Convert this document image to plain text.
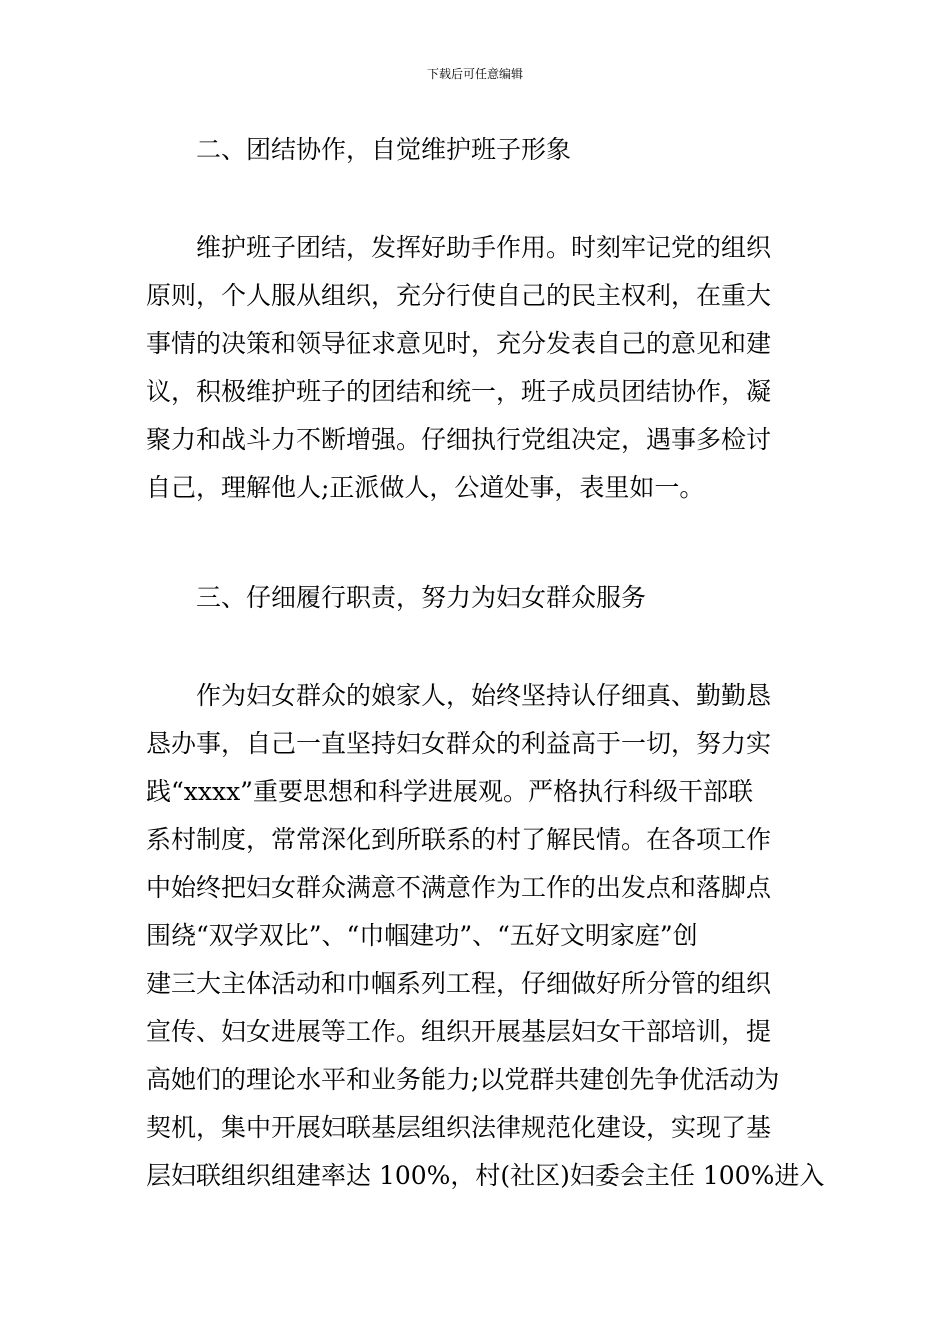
下载后可任意编辑
二、团结协作，自觉维护班子形象
维护班子团结，发挥好助手作用。时刻牢记党的组织
原则，个人服从组织，充分行使自己的民主权利，在重大
事情的决策和领导征求意见时，充分发表自己的意见和建
议，积极维护班子的团结和统一，班子成员团结协作，凝
聚力和战斗力不断增强。仔细执行党组决定，遇事多检讨
自己，理解他人;正派做人，公道处事，表里如一。
三、仔细履行职责，努力为妇女群众服务
作为妇女群众的娘家人，始终坚持认仔细真、勤勤恳
恳办事，自己一直坚持妇女群众的利益高于一切，努力实
践“xxxx”重要思想和科学进展观。严格执行科级干部联
系村制度，常常深化到所联系的村了解民情。在各项工作
中始终把妇女群众满意不满意作为工作的出发点和落脚点
围绕“双学双比”、“巾帼建功”、“五好文明家庭”创
建三大主体活动和巾帼系列工程，仔细做好所分管的组织
宣传、妇女进展等工作。组织开展基层妇女干部培训，提
高她们的理论水平和业务能力;以党群共建创先争优活动为
契机，集中开展妇联基层组织法律规范化建设，实现了基
层妇联组织组建率达 100%，村(社区)妇委会主任 100%进入
